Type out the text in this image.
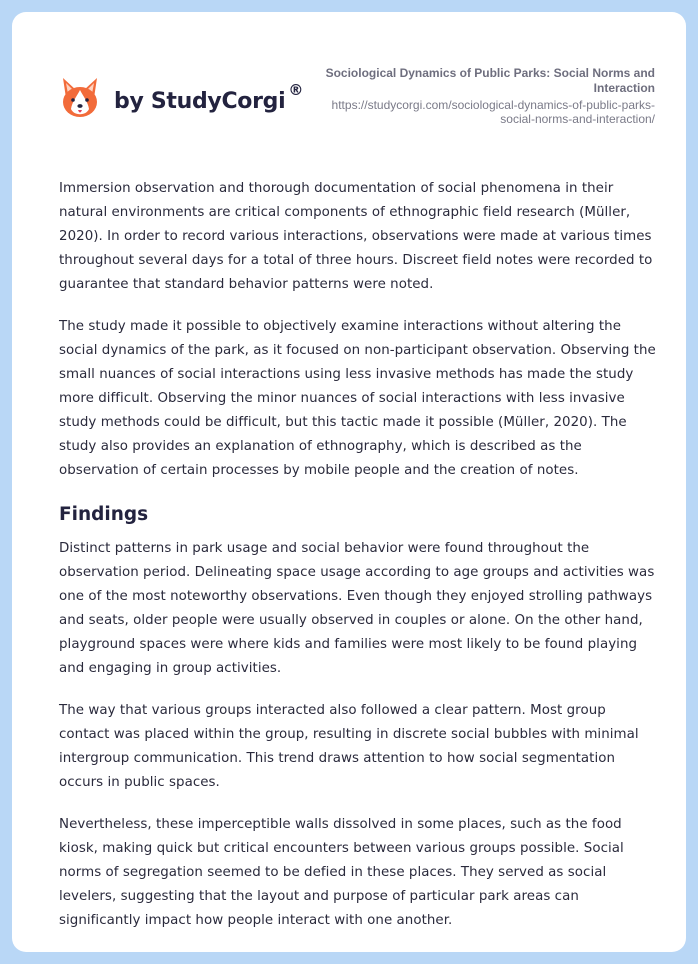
by StudyCorgi ®
Sociological Dynamics of Public Parks: Social Norms and Interaction
https://studycorgi.com/sociological-dynamics-of-public-parks-social-norms-and-interaction/

Immersion observation and thorough documentation of social phenomena in their natural environments are critical components of ethnographic field research (Müller, 2020). In order to record various interactions, observations were made at various times throughout several days for a total of three hours. Discreet field notes were recorded to guarantee that standard behavior patterns were noted.

The study made it possible to objectively examine interactions without altering the social dynamics of the park, as it focused on non-participant observation. Observing the small nuances of social interactions using less invasive methods has made the study more difficult. Observing the minor nuances of social interactions with less invasive study methods could be difficult, but this tactic made it possible (Müller, 2020). The study also provides an explanation of ethnography, which is described as the observation of certain processes by mobile people and the creation of notes.

Findings

Distinct patterns in park usage and social behavior were found throughout the observation period. Delineating space usage according to age groups and activities was one of the most noteworthy observations. Even though they enjoyed strolling pathways and seats, older people were usually observed in couples or alone. On the other hand, playground spaces were where kids and families were most likely to be found playing and engaging in group activities.

The way that various groups interacted also followed a clear pattern. Most group contact was placed within the group, resulting in discrete social bubbles with minimal intergroup communication. This trend draws attention to how social segmentation occurs in public spaces.

Nevertheless, these imperceptible walls dissolved in some places, such as the food kiosk, making quick but critical encounters between various groups possible. Social norms of segregation seemed to be defied in these places. They served as social levelers, suggesting that the layout and purpose of particular park areas can significantly impact how people interact with one another.
